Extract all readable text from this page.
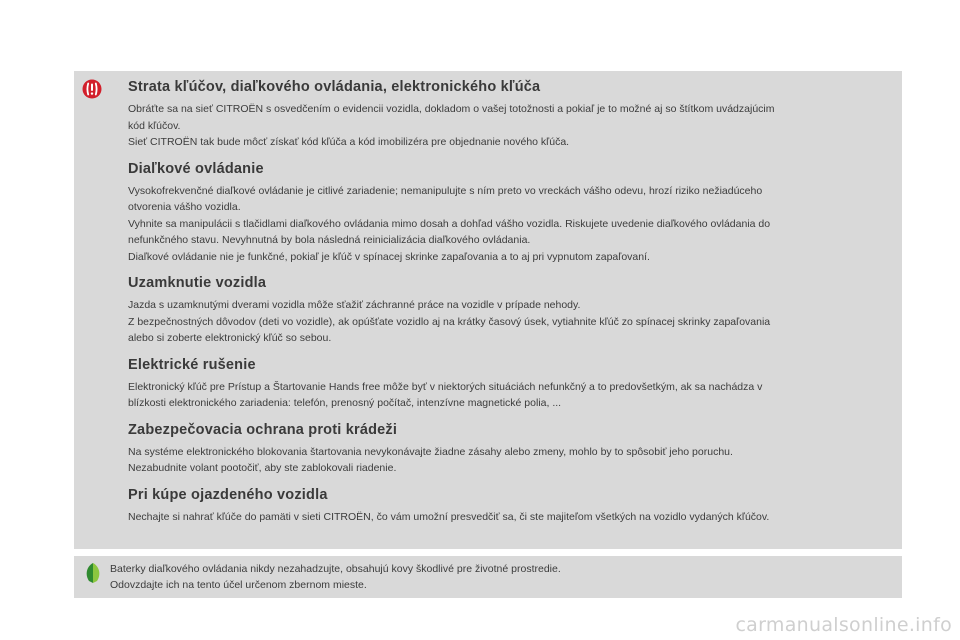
Strata kľúčov, diaľkového ovládania, elektronického kľúča

Obráťte sa na sieť CITROËN s osvedčením o evidencii vozidla, dokladom o vašej totožnosti a pokiaľ je to možné aj so štítkom uvádzajúcim

kód kľúčov.

Sieť CITROËN tak bude môcť získať kód kľúča a kód imobilizéra pre objednanie nového kľúča.

Diaľkové ovládanie

Vysokofrekvenčné diaľkové ovládanie je citlivé zariadenie; nemanipulujte s ním preto vo vreckách vášho odevu, hrozí riziko nežiadúceho

otvorenia vášho vozidla.

Vyhnite sa manipulácii s tlačidlami diaľkového ovládania mimo dosah a dohľad vášho vozidla. Riskujete uvedenie diaľkového ovládania do

nefunkčného stavu. Nevyhnutná by bola následná reinicializácia diaľkového ovládania.

Diaľkové ovládanie nie je funkčné, pokiaľ je kľúč v spínacej skrinke zapaľovania a to aj pri vypnutom zapaľovaní.

Uzamknutie vozidla

Jazda s uzamknutými dverami vozidla môže sťažiť záchranné práce na vozidle v prípade nehody.

Z bezpečnostných dôvodov (deti vo vozidle), ak opúšťate vozidlo aj na krátky časový úsek, vytiahnite kľúč zo spínacej skrinky zapaľovania

alebo si zoberte elektronický kľúč so sebou.

Elektrické rušenie

Elektronický kľúč pre Prístup a Štartovanie Hands free môže byť v niektorých situáciách nefunkčný a to predovšetkým, ak sa nachádza v

blízkosti elektronického zariadenia: telefón, prenosný počítač, intenzívne magnetické polia, ...

Zabezpečovacia ochrana proti krádeži

Na systéme elektronického blokovania štartovania nevykonávajte žiadne zásahy alebo zmeny, mohlo by to spôsobiť jeho poruchu.

Nezabudnite volant pootočiť, aby ste zablokovali riadenie.

Pri kúpe ojazdeného vozidla

Nechajte si nahrať kľúče do pamäti v sieti CITROËN, čo vám umožní presvedčiť sa, či ste majiteľom všetkých na vozidlo vydaných kľúčov.

Baterky diaľkového ovládania nikdy nezahadzujte, obsahujú kovy škodlivé pre životné prostredie.

Odovzdajte ich na tento účel určenom zbernom mieste.

carmanualsonline.info
